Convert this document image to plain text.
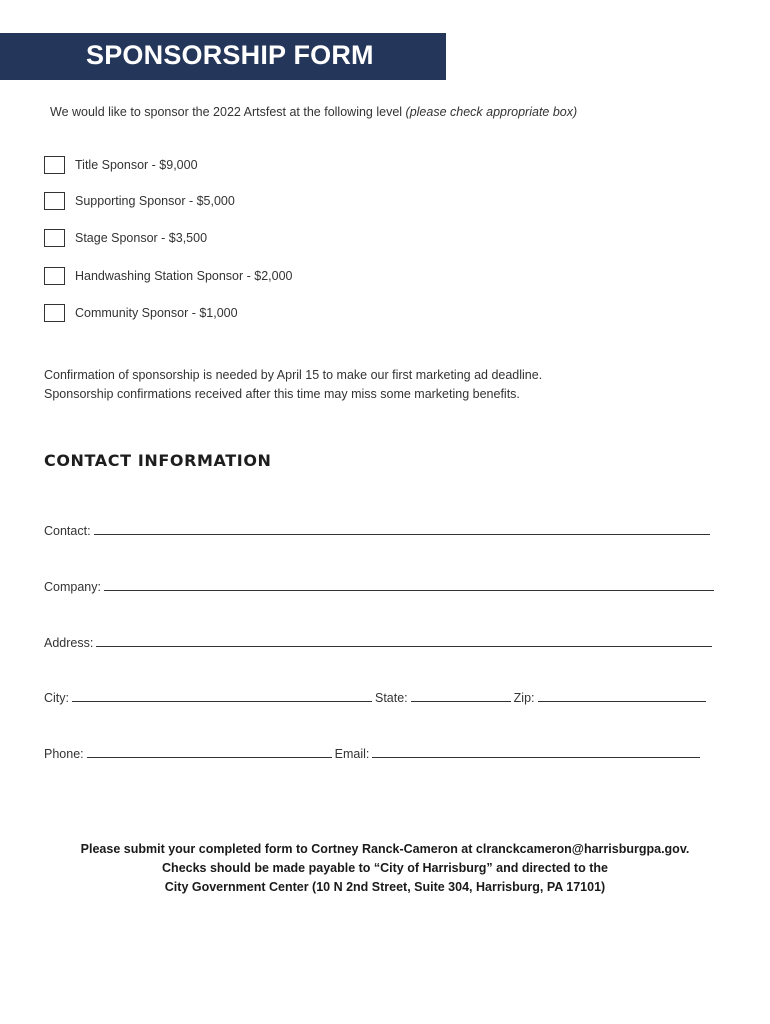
SPONSORSHIP FORM
We would like to sponsor the 2022 Artsfest at the following level (please check appropriate box)
Title Sponsor - $9,000
Supporting Sponsor - $5,000
Stage Sponsor - $3,500
Handwashing Station Sponsor - $2,000
Community Sponsor - $1,000
Confirmation of sponsorship is needed by April 15 to make our first marketing ad deadline.
Sponsorship confirmations received after this time may miss some marketing benefits.
CONTACT INFORMATION
Contact:
Company:
Address:
City:	State:	Zip:
Phone:	Email:
Please submit your completed form to Cortney Ranck-Cameron at clranckcameron@harrisburgpa.gov.
Checks should be made payable to “City of Harrisburg” and directed to the
City Government Center (10 N 2nd Street, Suite 304, Harrisburg, PA 17101)
